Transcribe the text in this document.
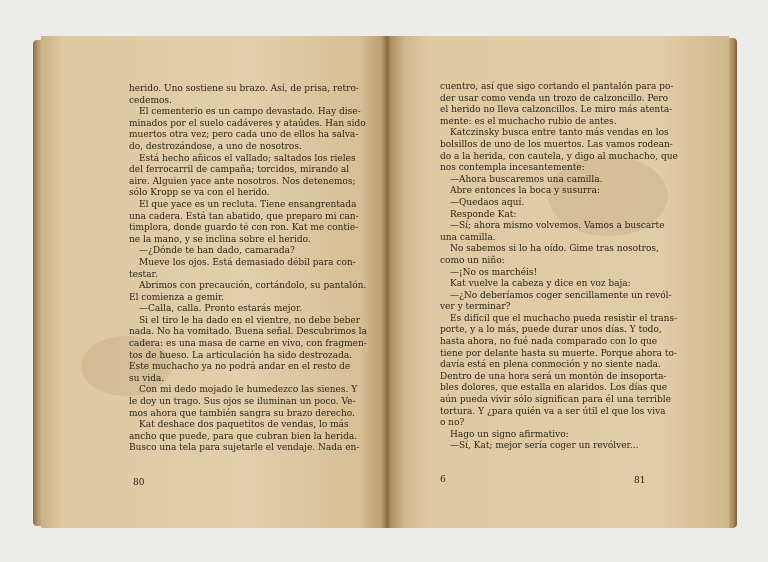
herido. Uno sostiene su brazo. Así, de prisa, retro-
cedemos.
El cementerio es un campo devastado. Hay dise-
minados por el suelo cadáveres y ataúdes. Han sido
muertos otra vez; pero cada uno de ellos ha salva-
do, destrozándose, a uno de nosotros.
Está hecho añicos el vallado; saltados los rieles
del ferrocarril de campaña; torcidos, mirando al
aire. Alguien yace ante nosotros. Nos detenemos;
sólo Kropp se va con el herido.
El que yace es un recluta. Tiene ensangrentada
una cadera. Está tan abatido, que preparo mi can-
timplora, donde guardo té con ron. Kat me contie-
ne la mano, y se inclina sobre el herido.
—¿Dónde te han dado, camarada?
Mueve los ojos. Está demasiado débil para con-
testar.
Abrimos con precaución, cortándolo, su pantalón.
El comienza a gemir.
—Calla, calla. Pronto estarás mejor.
Si el tiro le ha dado en el vientre, no debe beber
nada. No ha vomitado. Buena señal. Descubrimos la
cadera: es una masa de carne en vivo, con fragmen-
tos de hueso. La articulación ha sido destrozada.
Este muchacho ya no podrá andar en el resto de
su vida.
Con mi dedo mojado le humedezco las sienes. Y
le doy un trago. Sus ojos se iluminan un poco. Ve-
mos ahora que también sangra su brazo derecho.
Kat deshace dos paquetitos de vendas, lo más
ancho que puede, para que cubran bien la herida.
Busco una tela para sujetarle el vendaje. Nada en-
80
cuentro, así que sigo cortando el pantalón para po-
der usar como venda un trozo de calzoncillo. Pero
el herido no lleva calzoncillos. Le miro más atenta-
mente: es el muchacho rubio de antes.
Katczinsky busca entre tanto más vendas en los
bolsillos de uno de los muertos. Las vamos rodean-
do a la herida, con cautela, y digo al muchacho, que
nos contempla incesantemente:
—Ahora buscaremos una camilla.
Abre entonces la boca y susurra:
—Quedaos aquí.
Responde Kat:
—Sí; ahora mismo volvemos. Vamos a buscarte
una camilla.
No sabemos si lo ha oído. Gime tras nosotros,
como un niño:
—¡No os marchéis!
Kat vuelve la cabeza y dice en voz baja:
—¿No deberíamos coger sencillamente un revól-
ver y terminar?
Es difícil que el muchacho pueda resistir el trans-
porte, y a lo más, puede durar unos días. Y todo,
hasta ahora, no fué nada comparado con lo que
tiene por delante hasta su muerte. Porque ahora to-
davía está en plena conmoción y no siente nada.
Dentro de una hora será un montón de insoporta-
bles dolores, que estalla en alaridos. Los días que
aún pueda vivir sólo significan para él una terrible
tortura. Y ¿para quién va a ser útil el que los viva
o no?
Hago un signo afirmativo:
—Sí, Kat; mejor sería coger un revólver...
6	81
